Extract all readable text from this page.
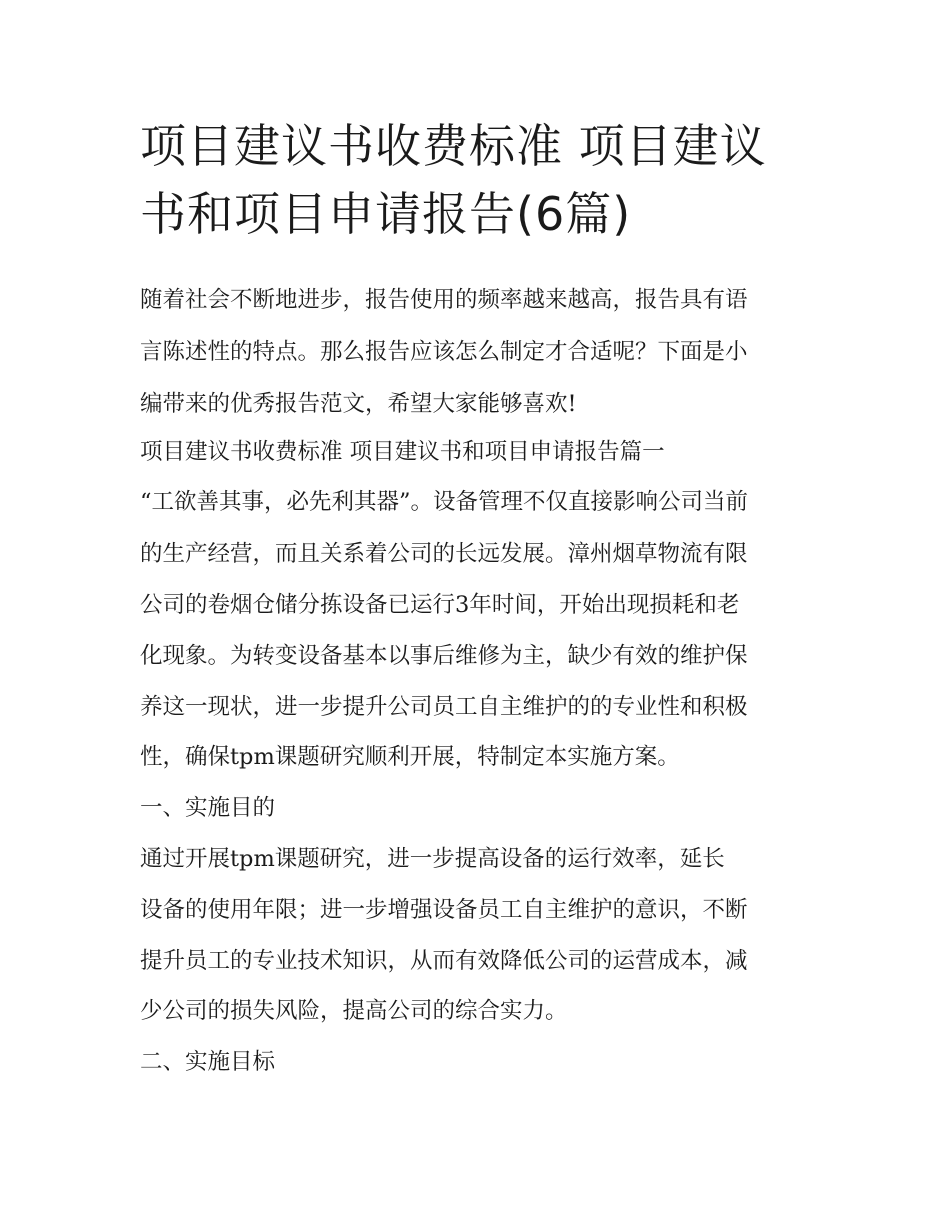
项目建议书收费标准 项目建议
书和项目申请报告(6篇)

随着社会不断地进步，报告使用的频率越来越高，报告具有语

言陈述性的特点。那么报告应该怎么制定才合适呢？下面是小

编带来的优秀报告范文，希望大家能够喜欢!

项目建议书收费标准 项目建议书和项目申请报告篇一

“工欲善其事，必先利其器”。设备管理不仅直接影响公司当前

的生产经营，而且关系着公司的长远发展。漳州烟草物流有限

公司的卷烟仓储分拣设备已运行3年时间，开始出现损耗和老

化现象。为转变设备基本以事后维修为主，缺少有效的维护保

养这一现状，进一步提升公司员工自主维护的的专业性和积极

性，确保tpm课题研究顺利开展，特制定本实施方案。

一、实施目的

通过开展tpm课题研究，进一步提高设备的运行效率，延长

设备的使用年限；进一步增强设备员工自主维护的意识，不断

提升员工的专业技术知识，从而有效降低公司的运营成本，减

少公司的损失风险，提高公司的综合实力。

二、实施目标
